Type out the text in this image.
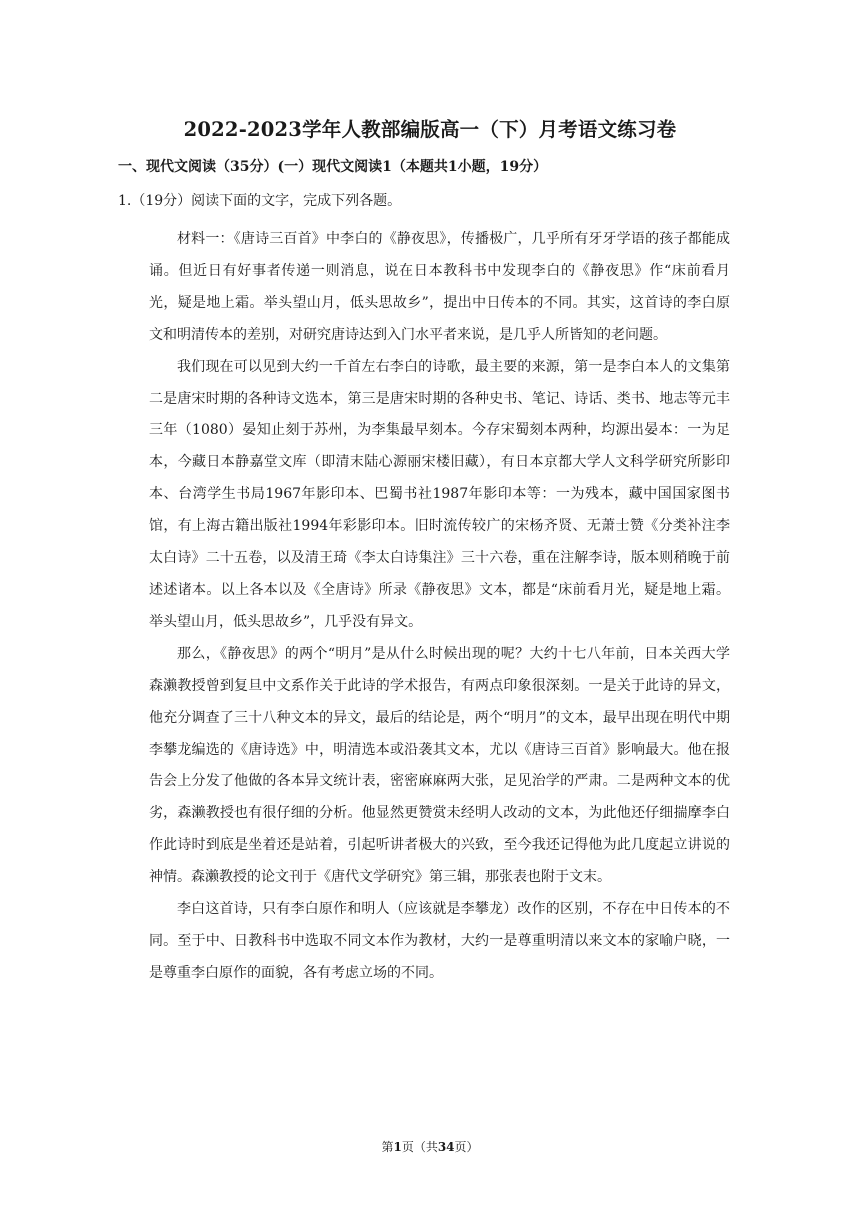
2022-2023学年人教部编版高一（下）月考语文练习卷
一、现代文阅读（35分）(一）现代文阅读1（本题共1小题，19分）
1.（19分）阅读下面的文字，完成下列各题。

材料一：《唐诗三百首》中李白的《静夜思》，传播极广，几乎所有牙牙学语的孩子都能成诵。但近日有好事者传递一则消息，说在日本教科书中发现李白的《静夜思》作“床前看月光，疑是地上霜。举头望山月，低头思故乡”，提出中日传本的不同。其实，这首诗的李白原文和明清传本的差别，对研究唐诗达到入门水平者来说，是几乎人所皆知的老问题。

我们现在可以见到大约一千首左右李白的诗歌，最主要的来源，第一是李白本人的文集第二是唐宋时期的各种诗文选本，第三是唐宋时期的各种史书、笔记、诗话、类书、地志等元丰三年（1080）晏知止刻于苏州，为李集最早刻本。今存宋蜀刻本两种，均源出晏本：一为足本，今藏日本静嘉堂文库（即清末陆心源丽宋楼旧藏），有日本京都大学人文科学研究所影印本、台湾学生书局1967年影印本、巴蜀书社1987年影印本等：一为残本，藏中国国家图书馆，有上海古籍出版社1994年彩影印本。旧时流传较广的宋杨齐贤、无萧士赞《分类补注李太白诗》二十五卷，以及清王琦《李太白诗集注》三十六卷，重在注解李诗，版本则稍晚于前述述诸本。以上各本以及《全唐诗》所录《静夜思》文本，都是“床前看月光，疑是地上霜。举头望山月，低头思故乡”，几乎没有异文。

那么，《静夜思》的两个“明月”是从什么时候出现的呢？大约十七八年前，日本关西大学森濑教授曾到复旦中文系作关于此诗的学术报告，有两点印象很深刻。一是关于此诗的异文，他充分调查了三十八种文本的异文，最后的结论是，两个“明月”的文本，最早出现在明代中期李攀龙编选的《唐诗选》中，明清选本或沿袭其文本，尤以《唐诗三百首》影响最大。他在报告会上分发了他做的各本异文统计表，密密麻麻两大张，足见治学的严肃。二是两种文本的优劣，森濑教授也有很仔细的分析。他显然更赞赏未经明人改动的文本，为此他还仔细揣摩李白作此诗时到底是坐着还是站着，引起听讲者极大的兴致，至今我还记得他为此几度起立讲说的神情。森濑教授的论文刊于《唐代文学研究》第三辑，那张表也附于文末。

李白这首诗，只有李白原作和明人（应该就是李攀龙）改作的区别，不存在中日传本的不同。至于中、日教科书中选取不同文本作为教材，大约一是尊重明清以来文本的家喻户晓，一是尊重李白原作的面貌，各有考虑立场的不同。

第1页（共34页）
